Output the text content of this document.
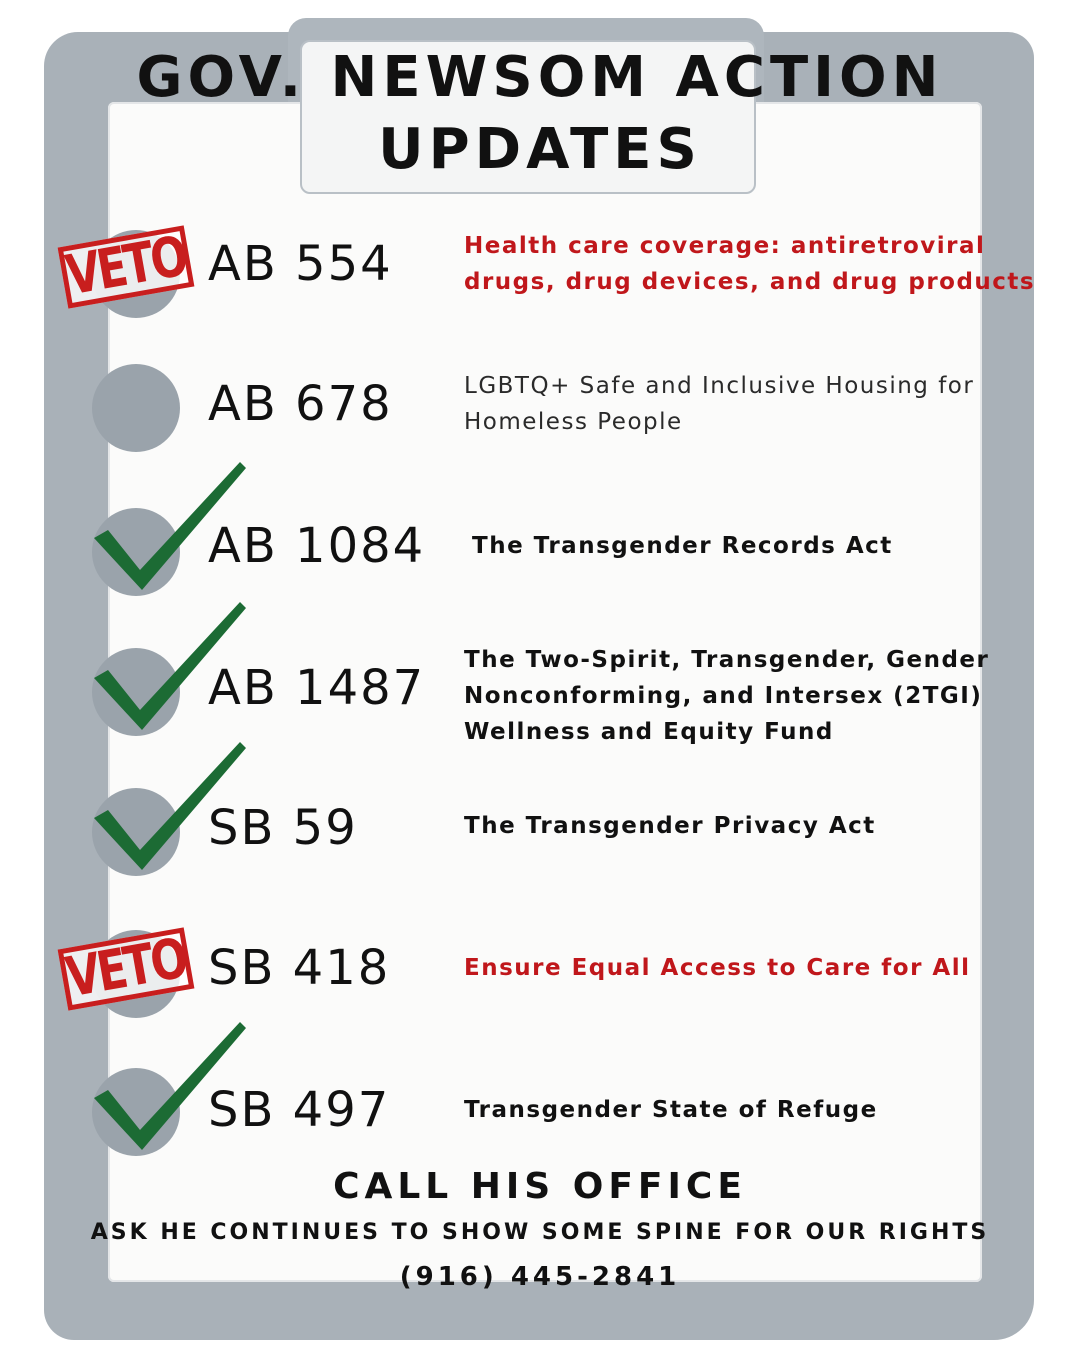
GOV. NEWSOM ACTION UPDATES
VETO AB 554	Health care coverage: antiretroviral drugs, drug devices, and drug products
AB 678	LGBTQ+ Safe and Inclusive Housing for Homeless People
AB 1084 The Transgender Records Act
AB 1487 The Two-Spirit, Transgender, Gender Nonconforming, and Intersex (2TGI) Wellness and Equity Fund
SB 59	The Transgender Privacy Act
VETO SB 418	Ensure Equal Access to Care for All
SB 497	Transgender State of Refuge
CALL HIS OFFICE
ASK HE CONTINUES TO SHOW SOME SPINE FOR OUR RIGHTS
(916) 445-2841
